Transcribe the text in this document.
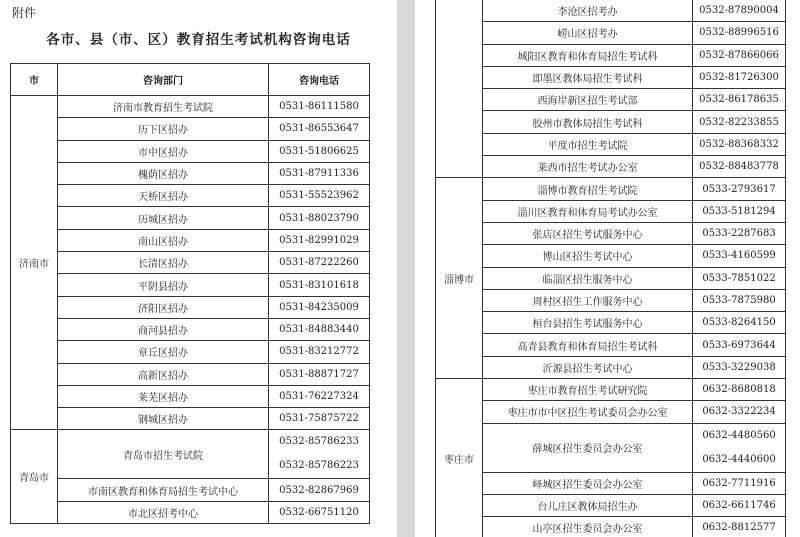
附件
各市、县（市、区）教育招生考试机构咨询电话
市	咨询部门	咨询电话
济南市	济南市教育招生考试院	0531-86111580

	历下区招办	0531-86553647

	市中区招办	0531-51806625

	槐荫区招办	0531-87911336

	天桥区招办	0531-55523962

	历城区招办	0531-88023790

	南山区招办	0531-82991029

	长清区招办	0531-87222260

	平阴县招办	0531-83101618

	济阳区招办	0531-84235009

	商河县招办	0531-84883440

	章丘区招办	0531-83212772

	高新区招办	0531-88871727

	莱芜区招办	0531-76227324

	钢城区招办	0531-75875722

青岛市	青岛市招生考试院	0532-85786233
0532-85786223

	市南区教育和体育局招生考试中心	0532-82867969

	市北区招考中心	0532-66751120
	李沧区招考办	0532-87890004

	崂山区招考办	0532-88996516

	城阳区教育和体育局招生考试科	0532-87866066

	即墨区教体局招生考试科	0532-81726300

	西海岸新区招生考试部	0532-86178635

	胶州市教体局招生考试科	0532-82233855

	平度市招生考试院	0532-88368332

	莱西市招生考试办公室	0532-88483778

淄博市	淄博市教育招生考试院	0533-2793617

	淄川区教育和体育局考试办公室	0533-5181294

	张店区招生考试服务中心	0533-2287683

	博山区招生考试中心	0533-4160599

	临淄区招生服务中心	0533-7851022

	周村区招生工作服务中心	0533-7875980

	桓台县招生考试服务中心	0533-8264150

	高青县教育和体育局招生考试科	0533-6973644

	沂源县招生考试中心	0533-3229038

枣庄市	枣庄市教育招生考试研究院	0632-8680818

	枣庄市市中区招生考试委员会办公室	0632-3322234

	薛城区招生委员会办公室	0632-4480560
0632-4440600

	峄城区招生委员会办公室	0632-7711916

	台儿庄区教体局招生办	0632-6611746

	山亭区招生委员会办公室	0632-8812577
